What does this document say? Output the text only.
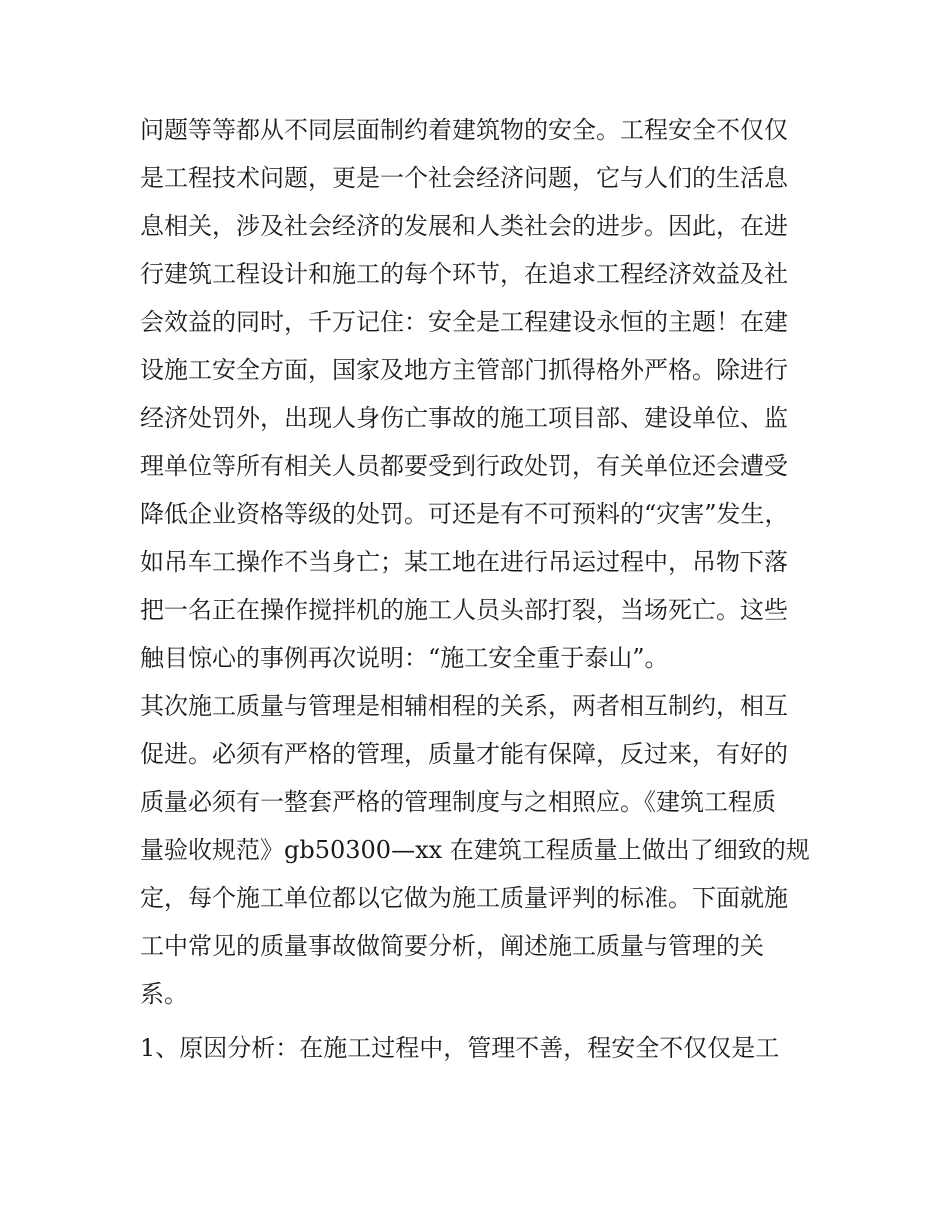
问题等等都从不同层面制约着建筑物的安全。工程安全不仅仅
是工程技术问题，更是一个社会经济问题，它与人们的生活息
息相关，涉及社会经济的发展和人类社会的进步。因此，在进
行建筑工程设计和施工的每个环节，在追求工程经济效益及社
会效益的同时，千万记住：安全是工程建设永恒的主题！在建
设施工安全方面，国家及地方主管部门抓得格外严格。除进行
经济处罚外，出现人身伤亡事故的施工项目部、建设单位、监
理单位等所有相关人员都要受到行政处罚，有关单位还会遭受
降低企业资格等级的处罚。可还是有不可预料的“灾害”发生，
如吊车工操作不当身亡；某工地在进行吊运过程中，吊物下落
把一名正在操作搅拌机的施工人员头部打裂，当场死亡。这些
触目惊心的事例再次说明：“施工安全重于泰山”。
其次施工质量与管理是相辅相程的关系，两者相互制约，相互
促进。必须有严格的管理，质量才能有保障，反过来，有好的
质量必须有一整套严格的管理制度与之相照应。《建筑工程质
量验收规范》gb50300—xx 在建筑工程质量上做出了细致的规
定，每个施工单位都以它做为施工质量评判的标准。下面就施
工中常见的质量事故做简要分析，阐述施工质量与管理的关
系。
1、原因分析：在施工过程中，管理不善，程安全不仅仅是工
